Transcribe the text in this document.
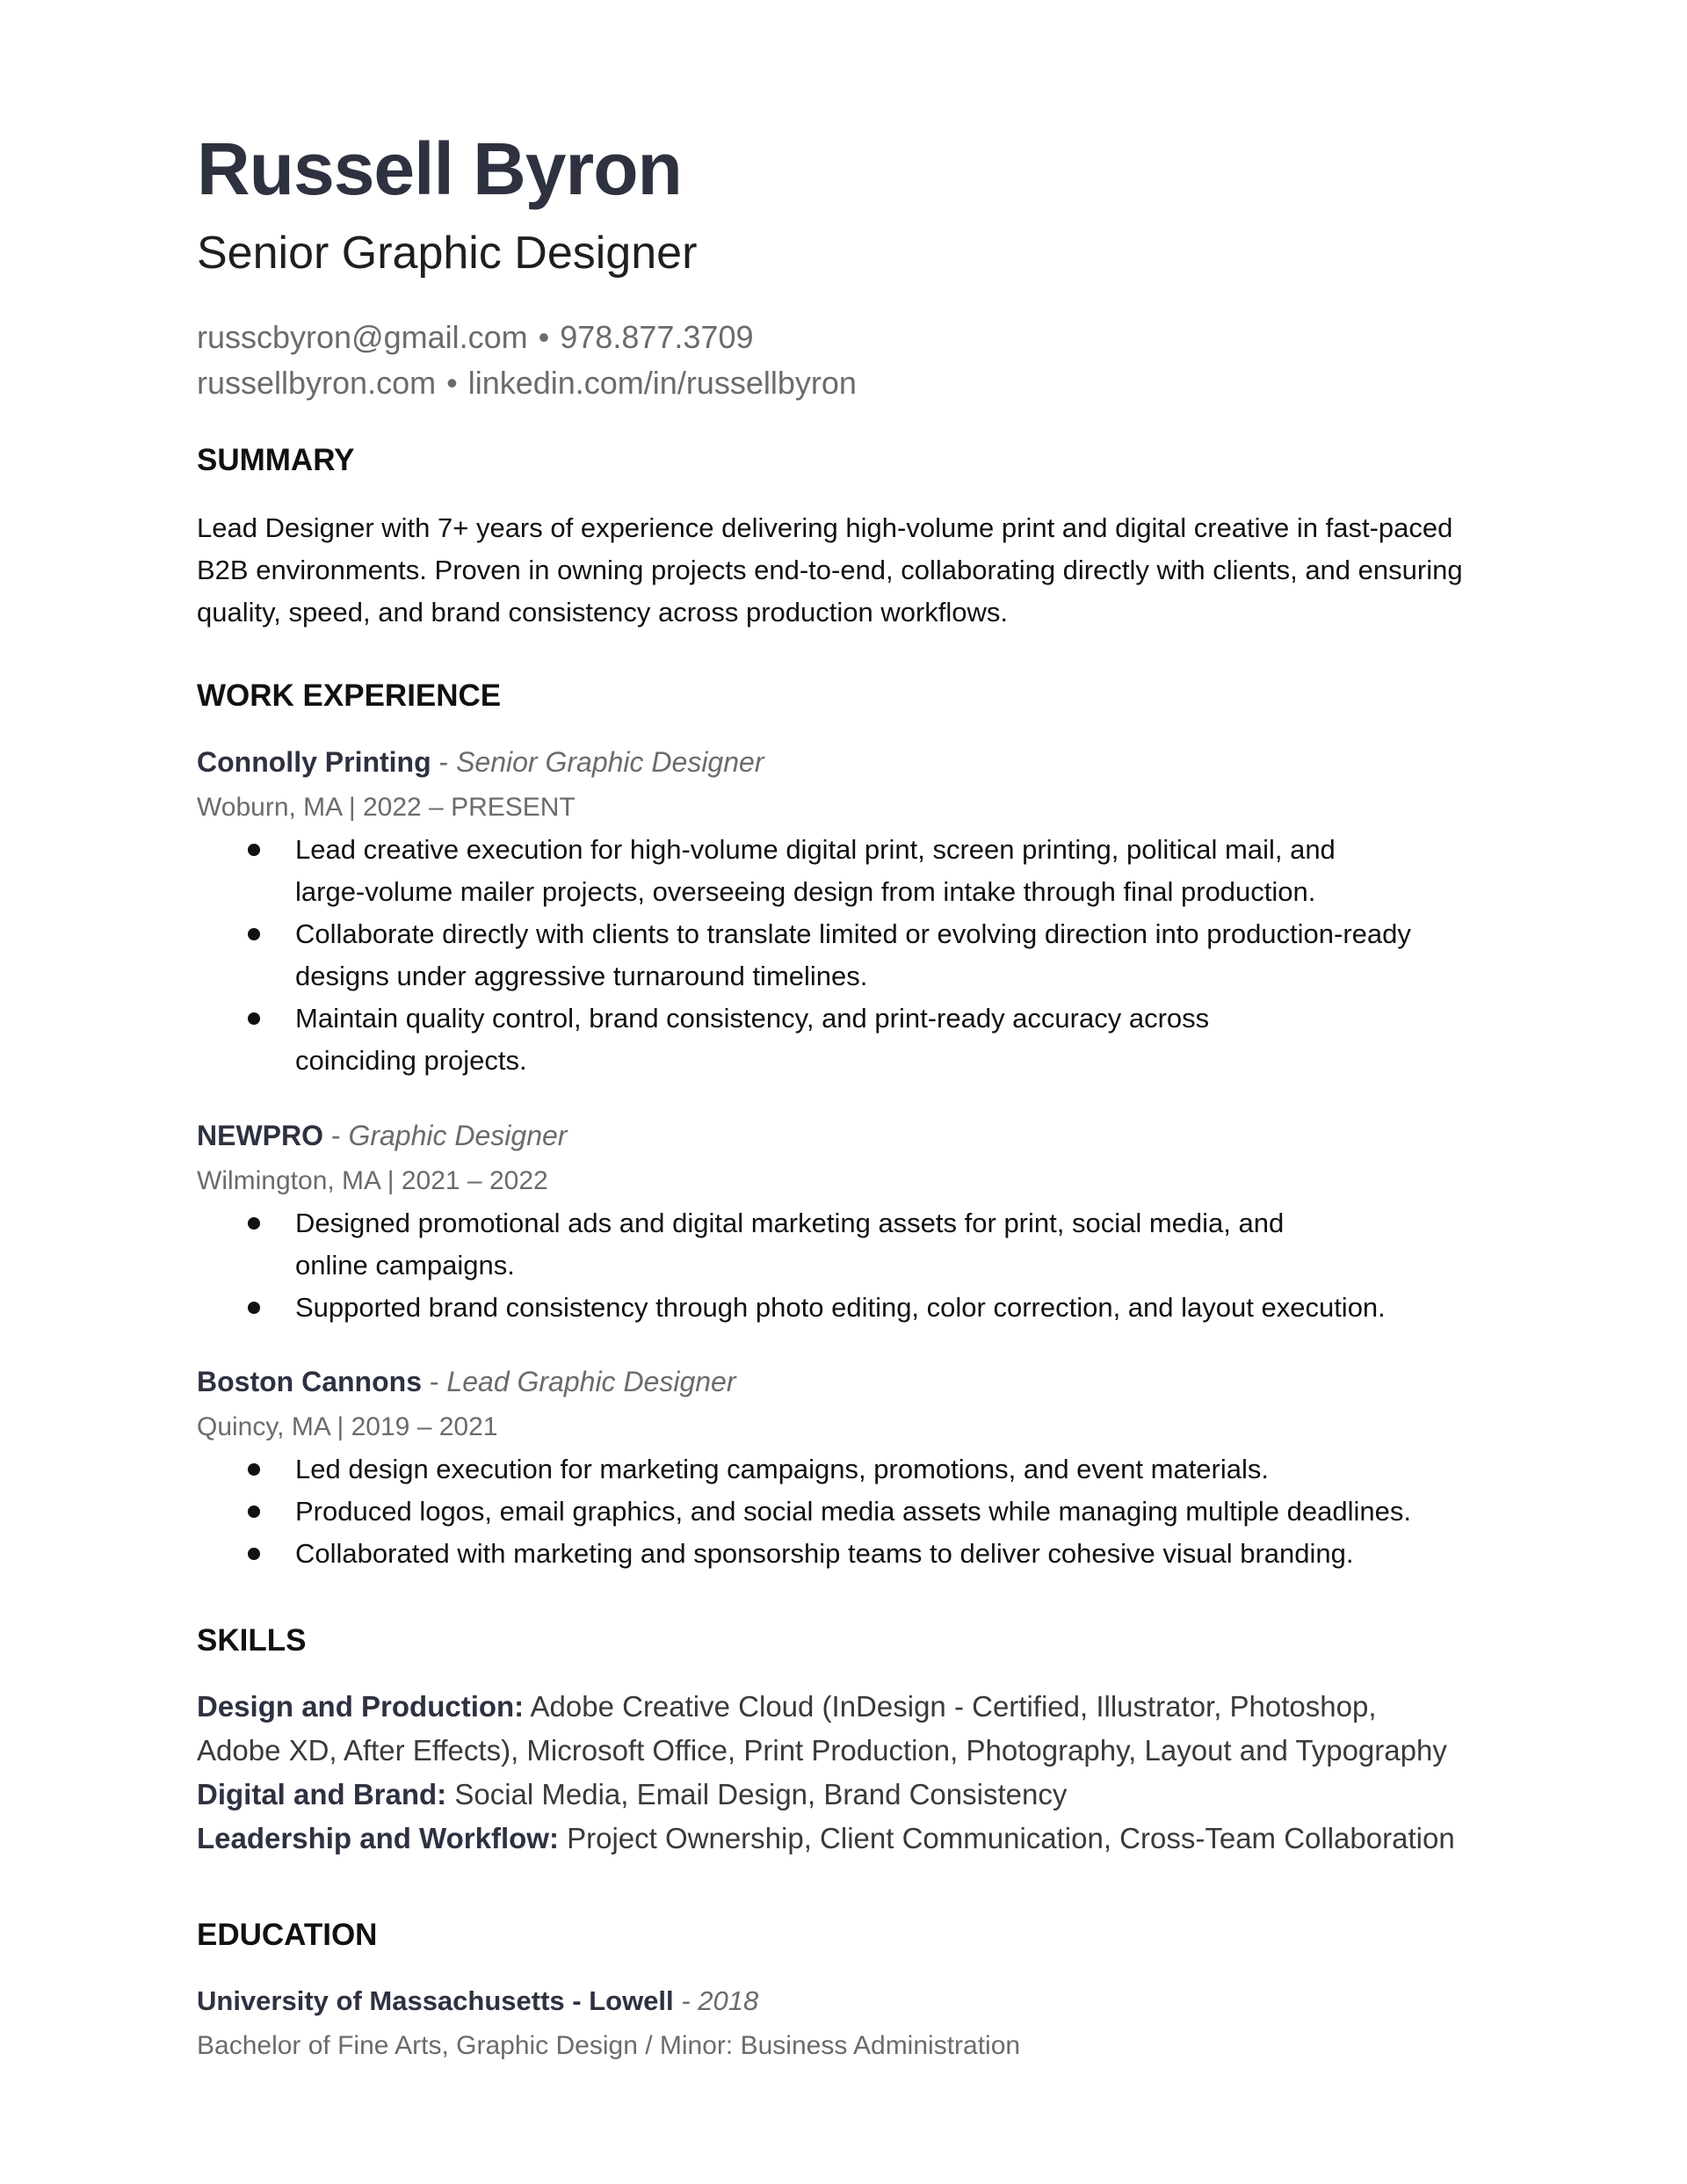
Russell Byron
Senior Graphic Designer
russcbyron@gmail.com • 978.877.3709
russellbyron.com • linkedin.com/in/russellbyron
SUMMARY
Lead Designer with 7+ years of experience delivering high-volume print and digital creative in fast-paced
B2B environments. Proven in owning projects end-to-end, collaborating directly with clients, and ensuring
quality, speed, and brand consistency across production workflows.
WORK EXPERIENCE
Connolly Printing - Senior Graphic Designer
Woburn, MA | 2022 – PRESENT
Lead creative execution for high-volume digital print, screen printing, political mail, and
large-volume mailer projects, overseeing design from intake through final production.
Collaborate directly with clients to translate limited or evolving direction into production-ready
designs under aggressive turnaround timelines.
Maintain quality control, brand consistency, and print-ready accuracy across
coinciding projects.
NEWPRO - Graphic Designer
Wilmington, MA | 2021 – 2022
Designed promotional ads and digital marketing assets for print, social media, and
online campaigns.
Supported brand consistency through photo editing, color correction, and layout execution.
Boston Cannons - Lead Graphic Designer
Quincy, MA | 2019 – 2021
Led design execution for marketing campaigns, promotions, and event materials.
Produced logos, email graphics, and social media assets while managing multiple deadlines.
Collaborated with marketing and sponsorship teams to deliver cohesive visual branding.
SKILLS
Design and Production: Adobe Creative Cloud (InDesign - Certified, Illustrator, Photoshop,
Adobe XD, After Effects), Microsoft Office, Print Production, Photography, Layout and Typography
Digital and Brand: Social Media, Email Design, Brand Consistency
Leadership and Workflow: Project Ownership, Client Communication, Cross-Team Collaboration
EDUCATION
University of Massachusetts - Lowell - 2018
Bachelor of Fine Arts, Graphic Design / Minor: Business Administration
